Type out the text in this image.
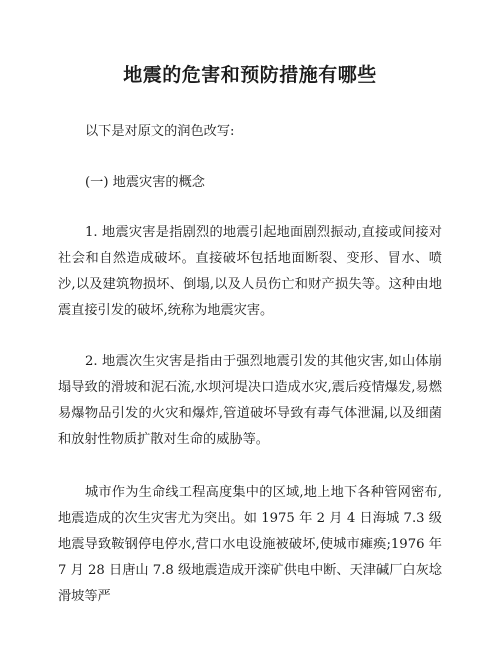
地震的危害和预防措施有哪些

以下是对原文的润色改写:

(一) 地震灾害的概念

1. 地震灾害是指剧烈的地震引起地面剧烈振动,直接或间接对社会和自然造成破坏。直接破坏包括地面断裂、变形、冒水、喷沙,以及建筑物损坏、倒塌,以及人员伤亡和财产损失等。这种由地震直接引发的破坏,统称为地震灾害。

2. 地震次生灾害是指由于强烈地震引发的其他灾害,如山体崩塌导致的滑坡和泥石流,水坝河堤决口造成水灾,震后疫情爆发,易燃易爆物品引发的火灾和爆炸,管道破坏导致有毒气体泄漏,以及细菌和放射性物质扩散对生命的威胁等。

城市作为生命线工程高度集中的区域,地上地下各种管网密布,地震造成的次生灾害尤为突出。如 1975 年 2 月 4 日海城 7.3 级地震导致鞍钢停电停水,营口水电设施被破坏,使城市瘫痪;1976 年 7 月 28 日唐山 7.8 级地震造成开滦矿供电中断、天津碱厂白灰埝滑坡等严
